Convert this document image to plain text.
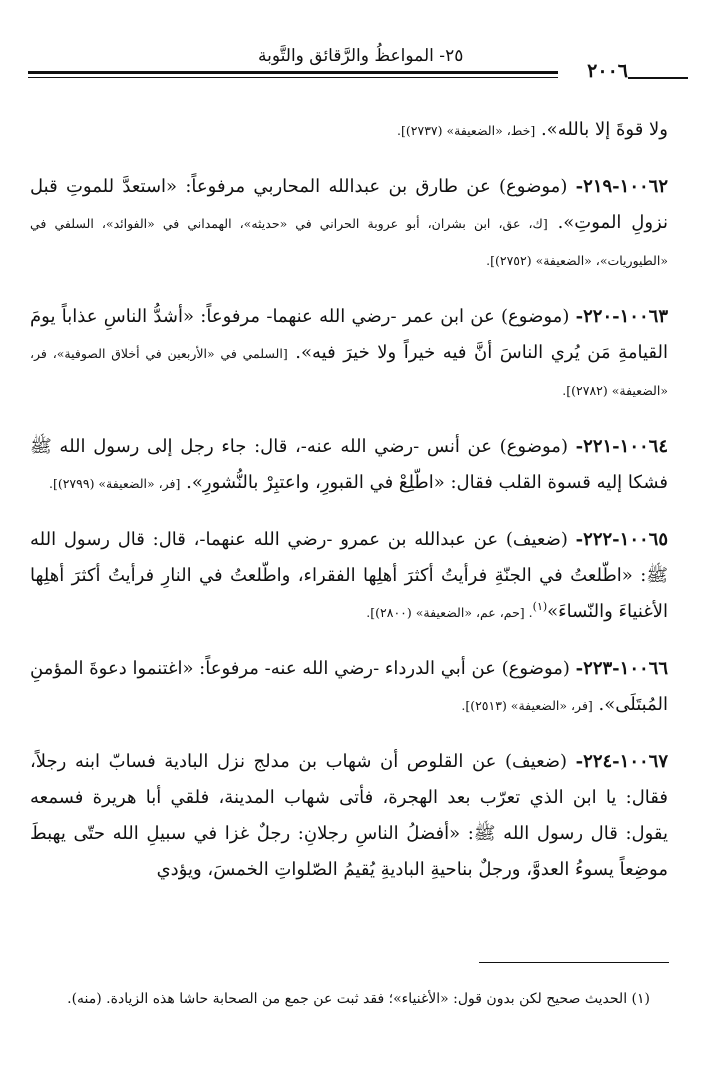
٢٥- المواعظُ والرَّقائق والتَّوبة
٢٠٠٦

ولا قوةَ إلا بالله». [خط، «الضعيفة» (٢٧٣٧)].

١٠٠٦٢-٢١٩- (موضوع) عن طارق بن عبدالله المحاربي مرفوعاً: «استعدَّ للموتِ قبل نزولِ الموتِ». [ك، عق، ابن بشران، أبو عروبة الحراني في «حديثه»، الهمداني في «الفوائد»، السلفي في «الطيوريات»، «الضعيفة» (٢٧٥٢)].

١٠٠٦٣-٢٢٠- (موضوع) عن ابن عمر -رضي الله عنهما- مرفوعاً: «أشدُّ الناسِ عذاباً يومَ القيامةِ مَن يُري الناسَ أنَّ فيه خيراً ولا خيرَ فيه». [السلمي في «الأربعين في أخلاق الصوفية»، فر، «الضعيفة» (٢٧٨٢)].

١٠٠٦٤-٢٢١- (موضوع) عن أنس -رضي الله عنه-، قال: جاء رجل إلى رسول الله ﷺ فشكا إليه قسوة القلب فقال: «اطّلِعْ في القبورِ، واعتبِرْ بالنُّشورِ». [فر، «الضعيفة» (٢٧٩٩)].

١٠٠٦٥-٢٢٢- (ضعيف) عن عبدالله بن عمرو -رضي الله عنهما-، قال: قال رسول الله ﷺ: «اطّلعتُ في الجنّةِ فرأيتُ أكثرَ أهلِها الفقراء، واطّلعتُ في النارِ فرأيتُ أكثرَ أهلِها الأغنياءَ والنّساءَ»$^{(١)}$. [حم، عم، «الضعيفة» (٢٨٠٠)].

١٠٠٦٦-٢٢٣- (موضوع) عن أبي الدرداء -رضي الله عنه- مرفوعاً: «اغتنموا دعوةَ المؤمنِ المُبتَلَى». [فر، «الضعيفة» (٢٥١٣)].

١٠٠٦٧-٢٢٤- (ضعيف) عن القلوص أن شهاب بن مدلج نزل البادية فسابّ ابنه رجلاً، فقال: يا ابن الذي تعرّب بعد الهجرة، فأتى شهاب المدينة، فلقي أبا هريرة فسمعه يقول: قال رسول الله ﷺ: «أفضلُ الناسِ رجلانِ: رجلٌ غزا في سبيلِ الله حتّى يهبطَ موضِعاً يسوءُ العدوَّ، ورجلٌ بناحيةِ الباديةِ يُقيمُ الصّلواتِ الخمسَ، ويؤدي

(١) الحديث صحيح لكن بدون قول: «الأغنياء»؛ فقد ثبت عن جمع من الصحابة حاشا هذه الزيادة. (منه).
